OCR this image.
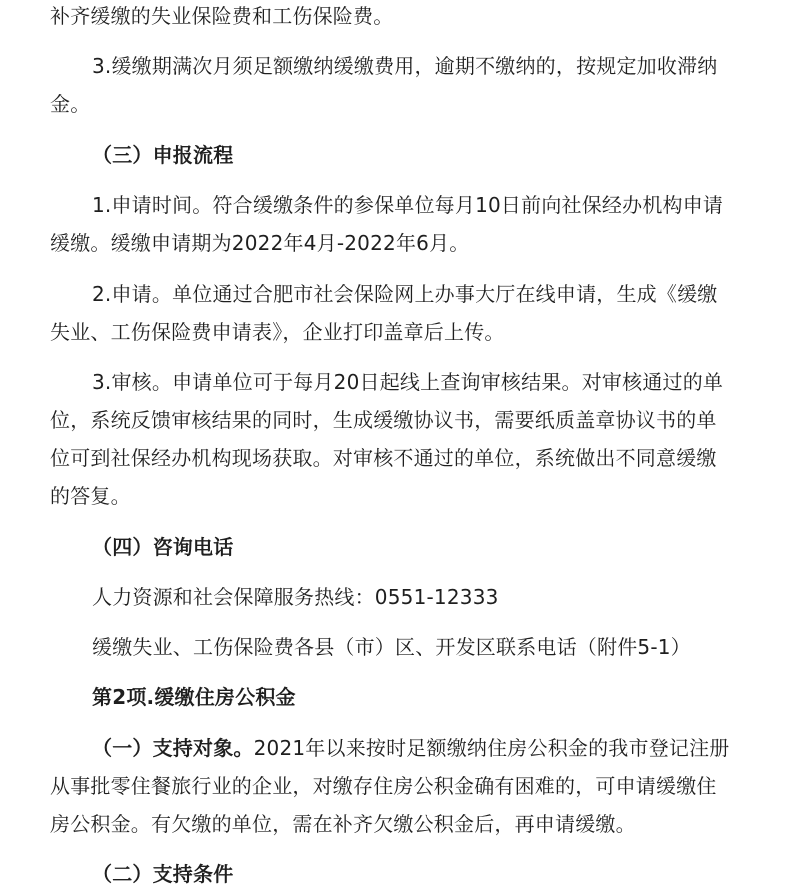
补齐缓缴的失业保险费和工伤保险费。
3.缓缴期满次月须足额缴纳缓缴费用，逾期不缴纳的，按规定加收滞纳
金。
（三）申报流程
1.申请时间。符合缓缴条件的参保单位每月10日前向社保经办机构申请
缓缴。缓缴申请期为2022年4月-2022年6月。
2.申请。单位通过合肥市社会保险网上办事大厅在线申请，生成《缓缴
失业、工伤保险费申请表》，企业打印盖章后上传。
3.审核。申请单位可于每月20日起线上查询审核结果。对审核通过的单
位，系统反馈审核结果的同时，生成缓缴协议书，需要纸质盖章协议书的单
位可到社保经办机构现场获取。对审核不通过的单位，系统做出不同意缓缴
的答复。
（四）咨询电话
人力资源和社会保障服务热线：0551-12333
缓缴失业、工伤保险费各县（市）区、开发区联系电话（附件5-1）
第2项.缓缴住房公积金
（一）支持对象。2021年以来按时足额缴纳住房公积金的我市登记注册
从事批零住餐旅行业的企业，对缴存住房公积金确有困难的，可申请缓缴住
房公积金。有欠缴的单位，需在补齐欠缴公积金后，再申请缓缴。
（二）支持条件
